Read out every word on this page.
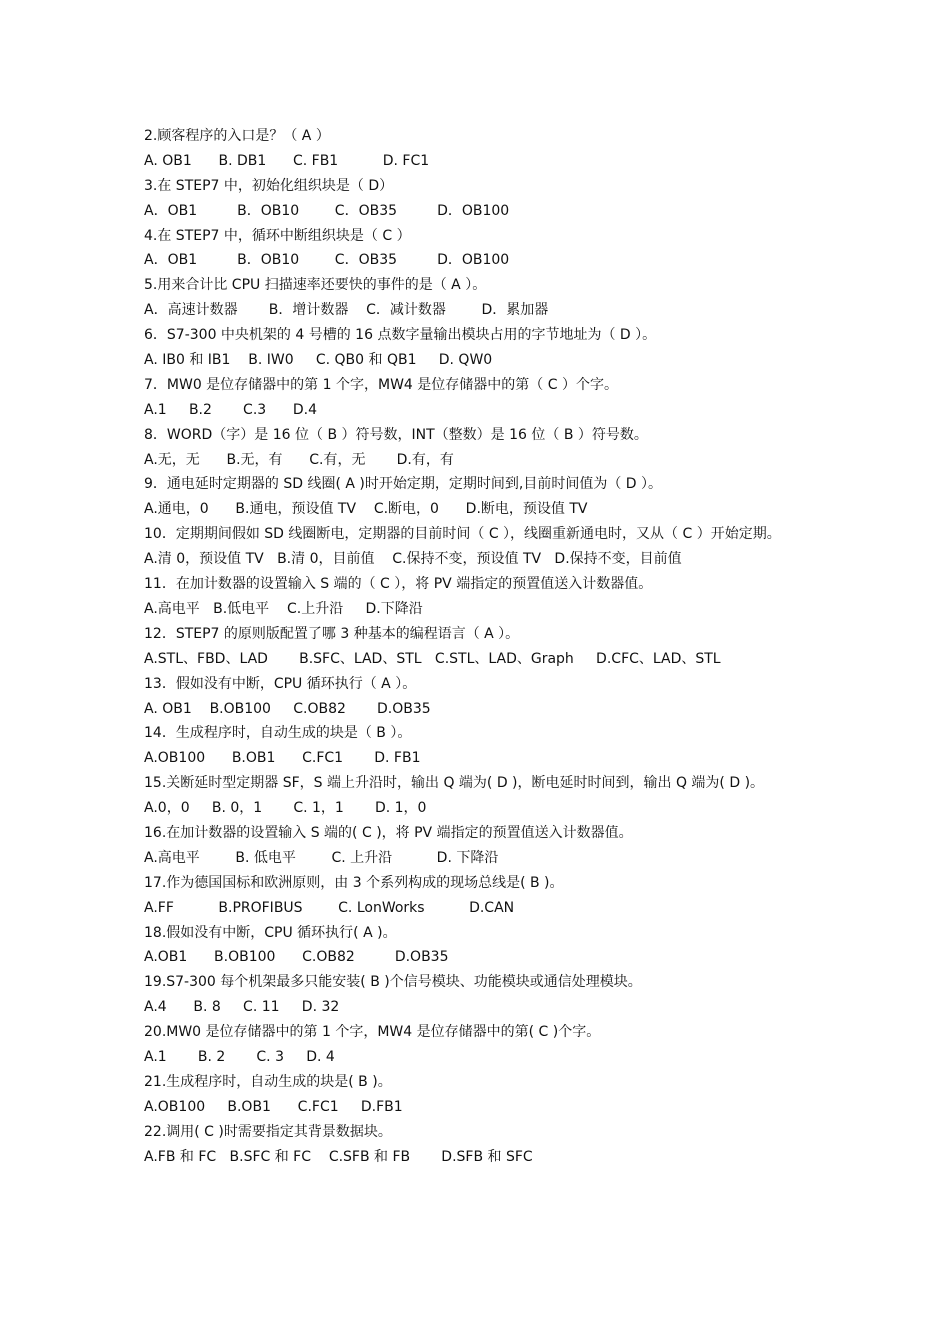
2.顾客程序的入口是？（ A ）
A. OB1      B. DB1      C. FB1          D. FC1
3.在 STEP7 中，初始化组织块是（ D）
A．OB1         B．OB10        C．OB35         D．OB100
4.在 STEP7 中，循环中断组织块是（ C ）
A．OB1         B．OB10        C．OB35         D．OB100
5.用来合计比 CPU 扫描速率还要快的事件的是（ A ）。
A．高速计数器       B．增计数器    C．减计数器        D．累加器
6．S7-300 中央机架的 4 号槽的 16 点数字量输出模块占用的字节地址为（ D ）。
A. IB0 和 IB1    B. IW0     C. QB0 和 QB1     D. QW0
7．MW0 是位存储器中的第 1 个字，MW4 是位存储器中的第（ C ）个字。
A.1     B.2       C.3      D.4
8．WORD（字）是 16 位（ B ）符号数，INT（整数）是 16 位（ B ）符号数。
A.无，无      B.无，有      C.有，无       D.有，有
9．通电延时定期器的 SD 线圈( A )时开始定期，定期时间到,目前时间值为（ D ）。
A.通电，0      B.通电，预设值 TV    C.断电，0      D.断电，预设值 TV
10．定期期间假如 SD 线圈断电，定期器的目前时间（ C ），线圈重新通电时，又从（ C ）开始定期。
A.清 0，预设值 TV   B.清 0，目前值    C.保持不变，预设值 TV   D.保持不变，目前值
11．在加计数器的设置输入 S 端的（ C ），将 PV 端指定的预置值送入计数器值。
A.高电平   B.低电平    C.上升沿     D.下降沿
12．STEP7 的原则版配置了哪 3 种基本的编程语言（ A ）。
A.STL、FBD、LAD       B.SFC、LAD、STL   C.STL、LAD、Graph     D.CFC、LAD、STL
13．假如没有中断，CPU 循环执行（ A ）。
A. OB1    B.OB100     C.OB82       D.OB35
14．生成程序时，自动生成的块是（ B ）。
A.OB100      B.OB1      C.FC1       D. FB1
15.关断延时型定期器 SF，S 端上升沿时，输出 Q 端为( D )，断电延时时间到，输出 Q 端为( D )。
A.0，0     B. 0，1       C. 1，1       D. 1，0
16.在加计数器的设置输入 S 端的( C )，将 PV 端指定的预置值送入计数器值。
A.高电平        B. 低电平        C. 上升沿          D. 下降沿
17.作为德国国标和欧洲原则，由 3 个系列构成的现场总线是( B )。
A.FF          B.PROFIBUS        C. LonWorks          D.CAN
18.假如没有中断，CPU 循环执行( A )。
A.OB1      B.OB100      C.OB82         D.OB35
19.S7-300 每个机架最多只能安装( B )个信号模块、功能模块或通信处理模块。
A.4      B. 8     C. 11     D. 32
20.MW0 是位存储器中的第 1 个字，MW4 是位存储器中的第( C )个字。
A.1       B. 2       C. 3     D. 4
21.生成程序时，自动生成的块是( B )。
A.OB100     B.OB1      C.FC1     D.FB1
22.调用( C )时需要指定其背景数据块。
A.FB 和 FC   B.SFC 和 FC    C.SFB 和 FB       D.SFB 和 SFC
